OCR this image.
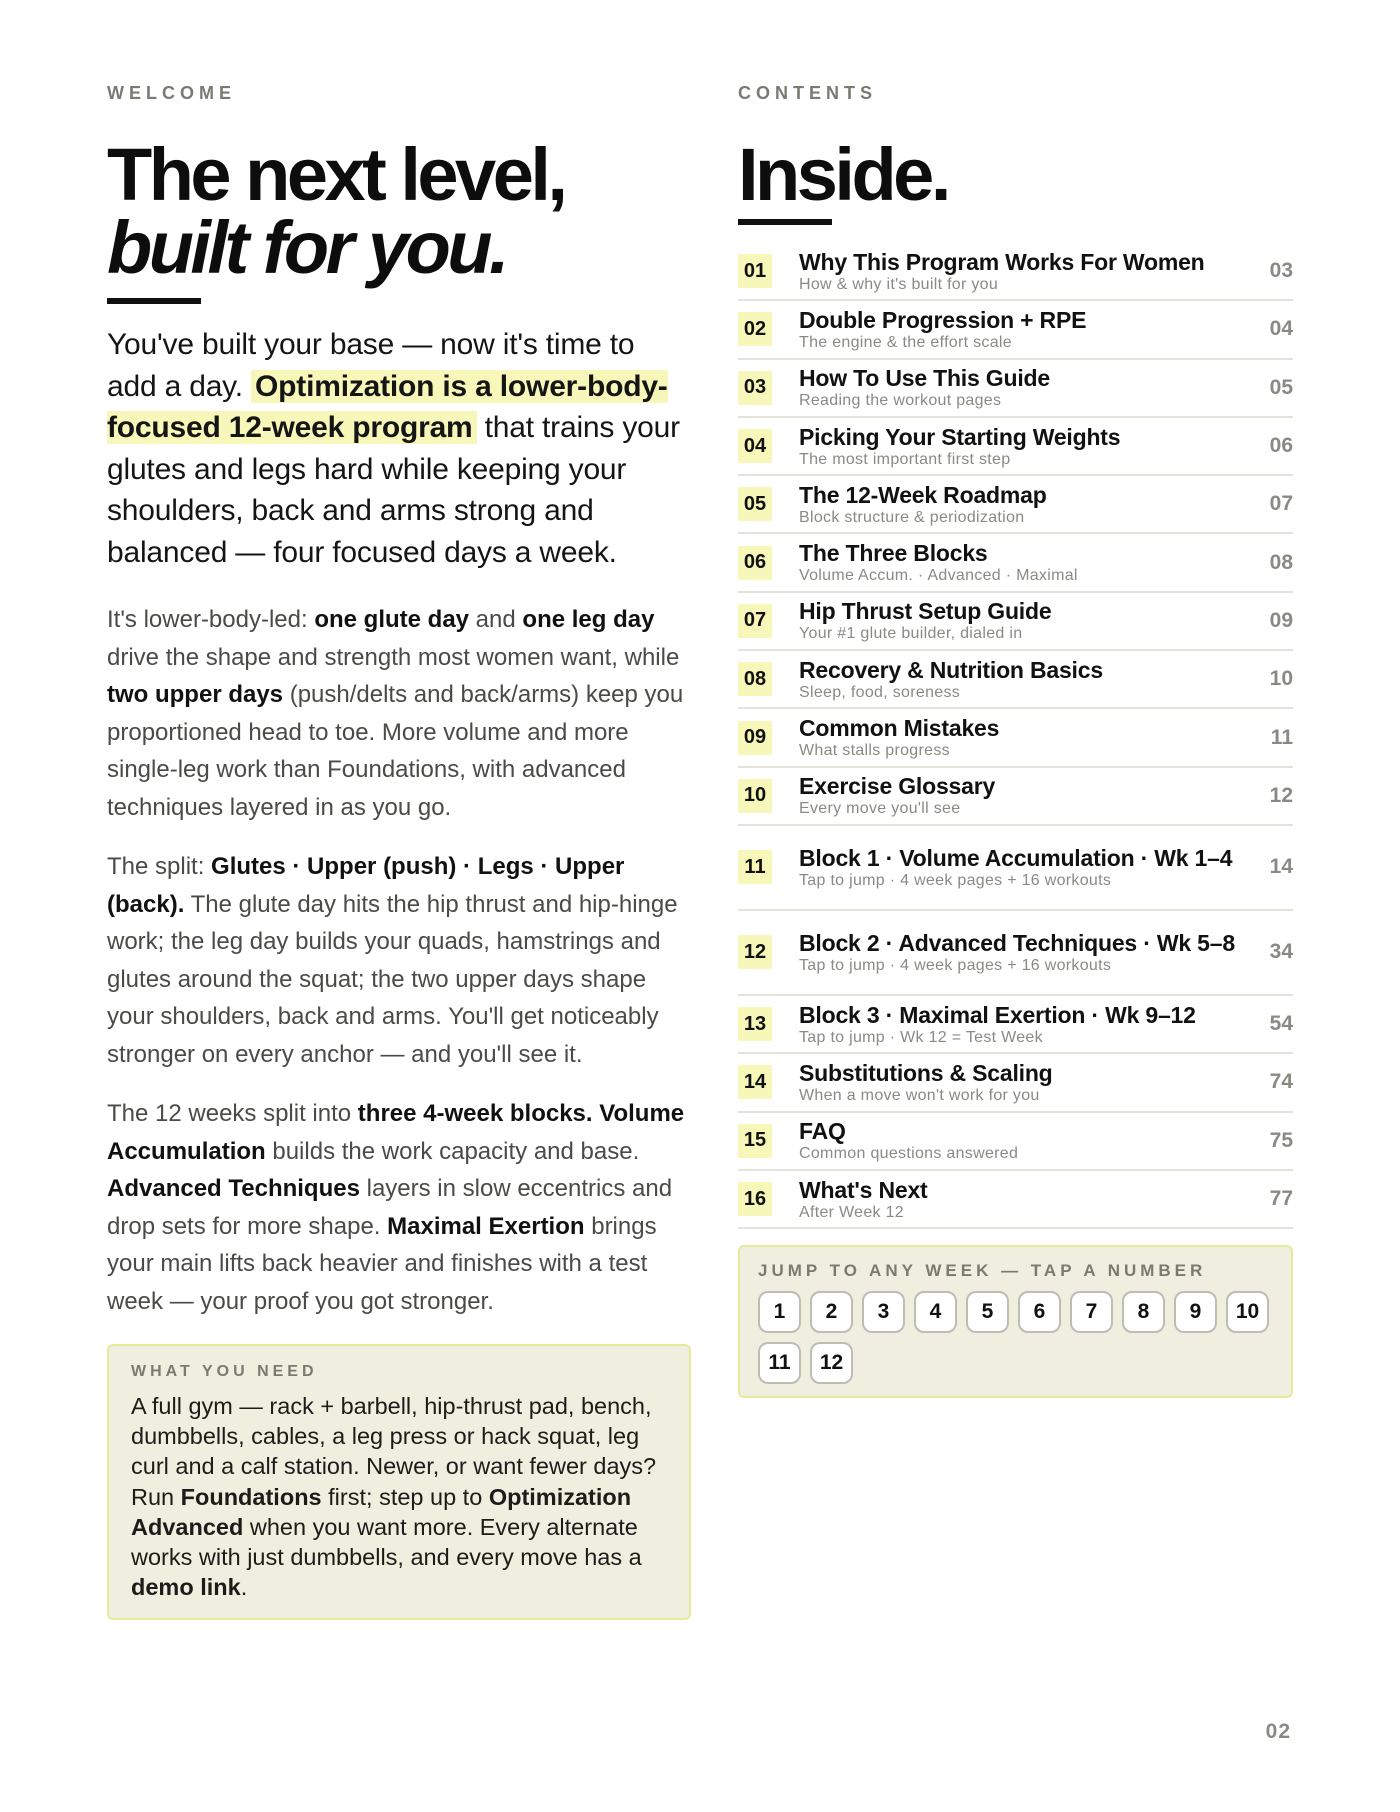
WELCOME
The next level,
built for you.

You've built your base — now it's time to add a day. Optimization is a lower-body-focused 12-week program that trains your glutes and legs hard while keeping your shoulders, back and arms strong and balanced — four focused days a week.

It's lower-body-led: one glute day and one leg day drive the shape and strength most women want, while two upper days (push/delts and back/arms) keep you proportioned head to toe. More volume and more single-leg work than Foundations, with advanced techniques layered in as you go.

The split: Glutes · Upper (push) · Legs · Upper (back). The glute day hits the hip thrust and hip-hinge work; the leg day builds your quads, hamstrings and glutes around the squat; the two upper days shape your shoulders, back and arms. You'll get noticeably stronger on every anchor — and you'll see it.

The 12 weeks split into three 4-week blocks. Volume Accumulation builds the work capacity and base. Advanced Techniques layers in slow eccentrics and drop sets for more shape. Maximal Exertion brings your main lifts back heavier and finishes with a test week — your proof you got stronger.

WHAT YOU NEED

A full gym — rack + barbell, hip-thrust pad, bench, dumbbells, cables, a leg press or hack squat, leg curl and a calf station. Newer, or want fewer days? Run Foundations first; step up to Optimization Advanced when you want more. Every alternate works with just dumbbells, and every move has a demo link.

CONTENTS
Inside.
01 Why This Program Works For Women
How & why it's built for you
03
02 Double Progression + RPE
The engine & the effort scale
04
03 How To Use This Guide
Reading the workout pages
05
04 Picking Your Starting Weights
The most important first step
06
05 The 12-Week Roadmap
Block structure & periodization
07
06 The Three Blocks
Volume Accum. · Advanced · Maximal
08
07 Hip Thrust Setup Guide
Your #1 glute builder, dialed in
09
08 Recovery & Nutrition Basics
Sleep, food, soreness
10
09 Common Mistakes
What stalls progress
11
10 Exercise Glossary
Every move you'll see
12
11 Block 1 · Volume Accumulation · Wk 1–4
Tap to jump · 4 week pages + 16 workouts
14
12 Block 2 · Advanced Techniques · Wk 5–8
Tap to jump · 4 week pages + 16 workouts
34
13 Block 3 · Maximal Exertion · Wk 9–12
Tap to jump · Wk 12 = Test Week
54
14 Substitutions & Scaling
When a move won't work for you
74
15 FAQ
Common questions answered
75
16 What's Next
After Week 12
77
JUMP TO ANY WEEK — TAP A NUMBER
1	2	3	4	5	6	7	8	9	10
11	12
02
